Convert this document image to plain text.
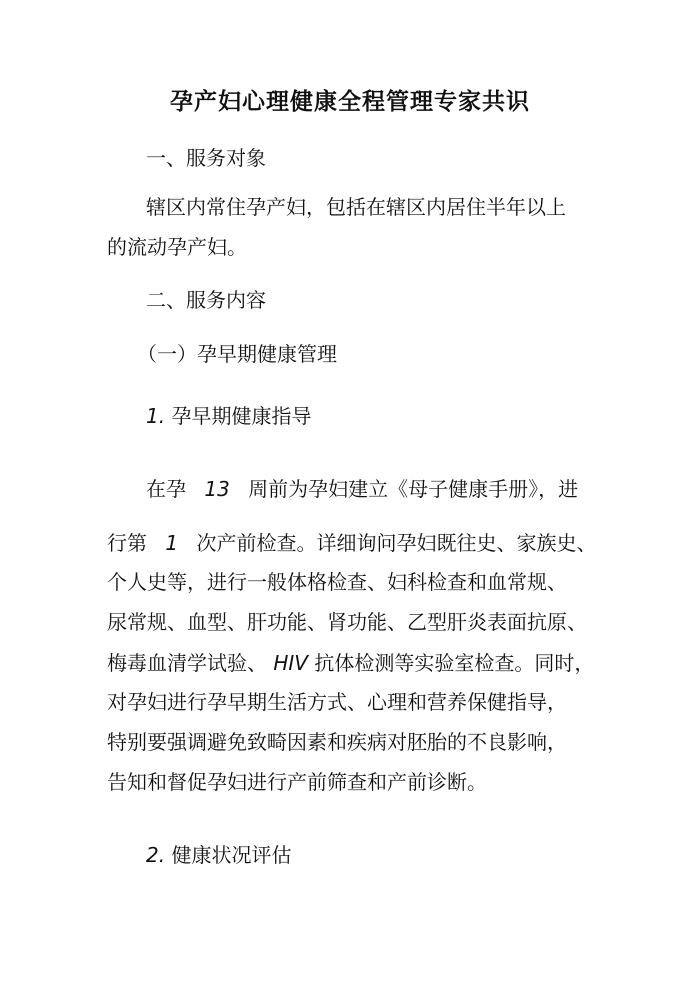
孕产妇心理健康全程管理专家共识
一、服务对象
辖区内常住孕产妇，包括在辖区内居住半年以上
的流动孕产妇。
二、服务内容
（一）孕早期健康管理
1. 孕早期健康指导
在孕 13 周前为孕妇建立《母子健康手册》，进
行第 1 次产前检查。详细询问孕妇既往史、家族史、
个人史等，进行一般体格检查、妇科检查和血常规、
尿常规、血型、肝功能、肾功能、乙型肝炎表面抗原、
梅毒血清学试验、 HIV 抗体检测等实验室检查。同时，
对孕妇进行孕早期生活方式、心理和营养保健指导，
特别要强调避免致畸因素和疾病对胚胎的不良影响，
告知和督促孕妇进行产前筛查和产前诊断。
2. 健康状况评估
